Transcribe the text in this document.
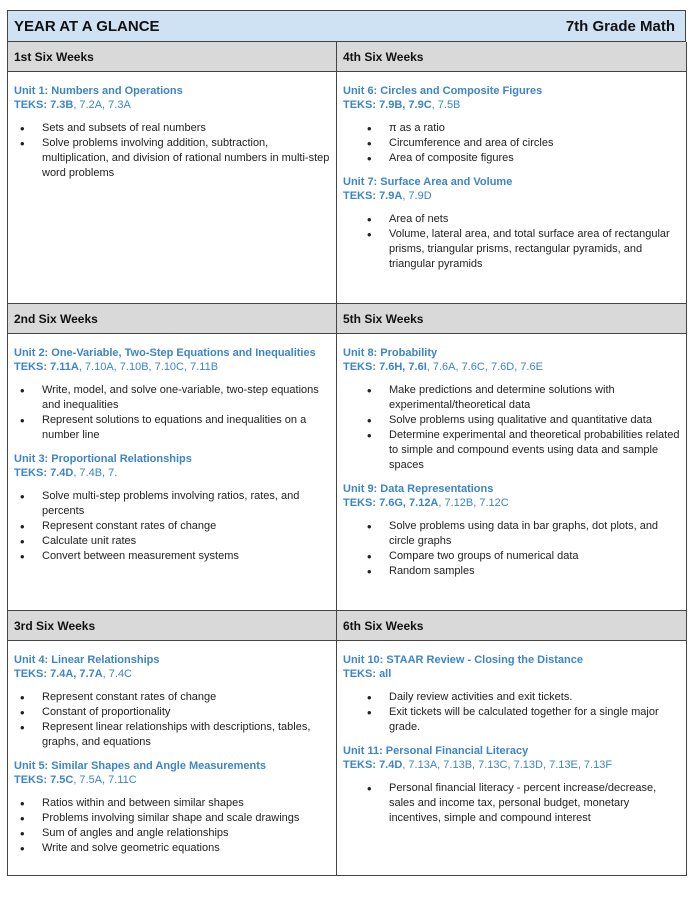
YEAR AT A GLANCE	7th Grade Math
1st Six Weeks
Unit 1: Numbers and Operations
TEKS: 7.3B, 7.2A, 7.3A
• Sets and subsets of real numbers
• Solve problems involving addition, subtraction, multiplication, and division of rational numbers in multi-step word problems
4th Six Weeks
Unit 6: Circles and Composite Figures
TEKS: 7.9B, 7.9C, 7.5B
• π as a ratio
• Circumference and area of circles
• Area of composite figures
Unit 7: Surface Area and Volume
TEKS: 7.9A, 7.9D
• Area of nets
• Volume, lateral area, and total surface area of rectangular prisms, triangular prisms, rectangular pyramids, and triangular pyramids
2nd Six Weeks
Unit 2: One-Variable, Two-Step Equations and Inequalities
TEKS: 7.11A, 7.10A, 7.10B, 7.10C, 7.11B
• Write, model, and solve one-variable, two-step equations and inequalities
• Represent solutions to equations and inequalities on a number line
Unit 3: Proportional Relationships
TEKS: 7.4D, 7.4B, 7.
• Solve multi-step problems involving ratios, rates, and percents
• Represent constant rates of change
• Calculate unit rates
• Convert between measurement systems
5th Six Weeks
Unit 8: Probability
TEKS: 7.6H, 7.6I, 7.6A, 7.6C, 7.6D, 7.6E
• Make predictions and determine solutions with experimental/theoretical data
• Solve problems using qualitative and quantitative data
• Determine experimental and theoretical probabilities related to simple and compound events using data and sample spaces
Unit 9: Data Representations
TEKS: 7.6G, 7.12A, 7.12B, 7.12C
• Solve problems using data in bar graphs, dot plots, and circle graphs
• Compare two groups of numerical data
• Random samples
3rd Six Weeks
Unit 4: Linear Relationships
TEKS: 7.4A, 7.7A, 7.4C
• Represent constant rates of change
• Constant of proportionality
• Represent linear relationships with descriptions, tables, graphs, and equations
Unit 5: Similar Shapes and Angle Measurements
TEKS: 7.5C, 7.5A, 7.11C
• Ratios within and between similar shapes
• Problems involving similar shape and scale drawings
• Sum of angles and angle relationships
• Write and solve geometric equations
6th Six Weeks
Unit 10: STAAR Review - Closing the Distance
TEKS: all
• Daily review activities and exit tickets.
• Exit tickets will be calculated together for a single major grade.
Unit 11: Personal Financial Literacy
TEKS: 7.4D, 7.13A, 7.13B, 7.13C, 7.13D, 7.13E, 7.13F
• Personal financial literacy - percent increase/decrease, sales and income tax, personal budget, monetary incentives, simple and compound interest
